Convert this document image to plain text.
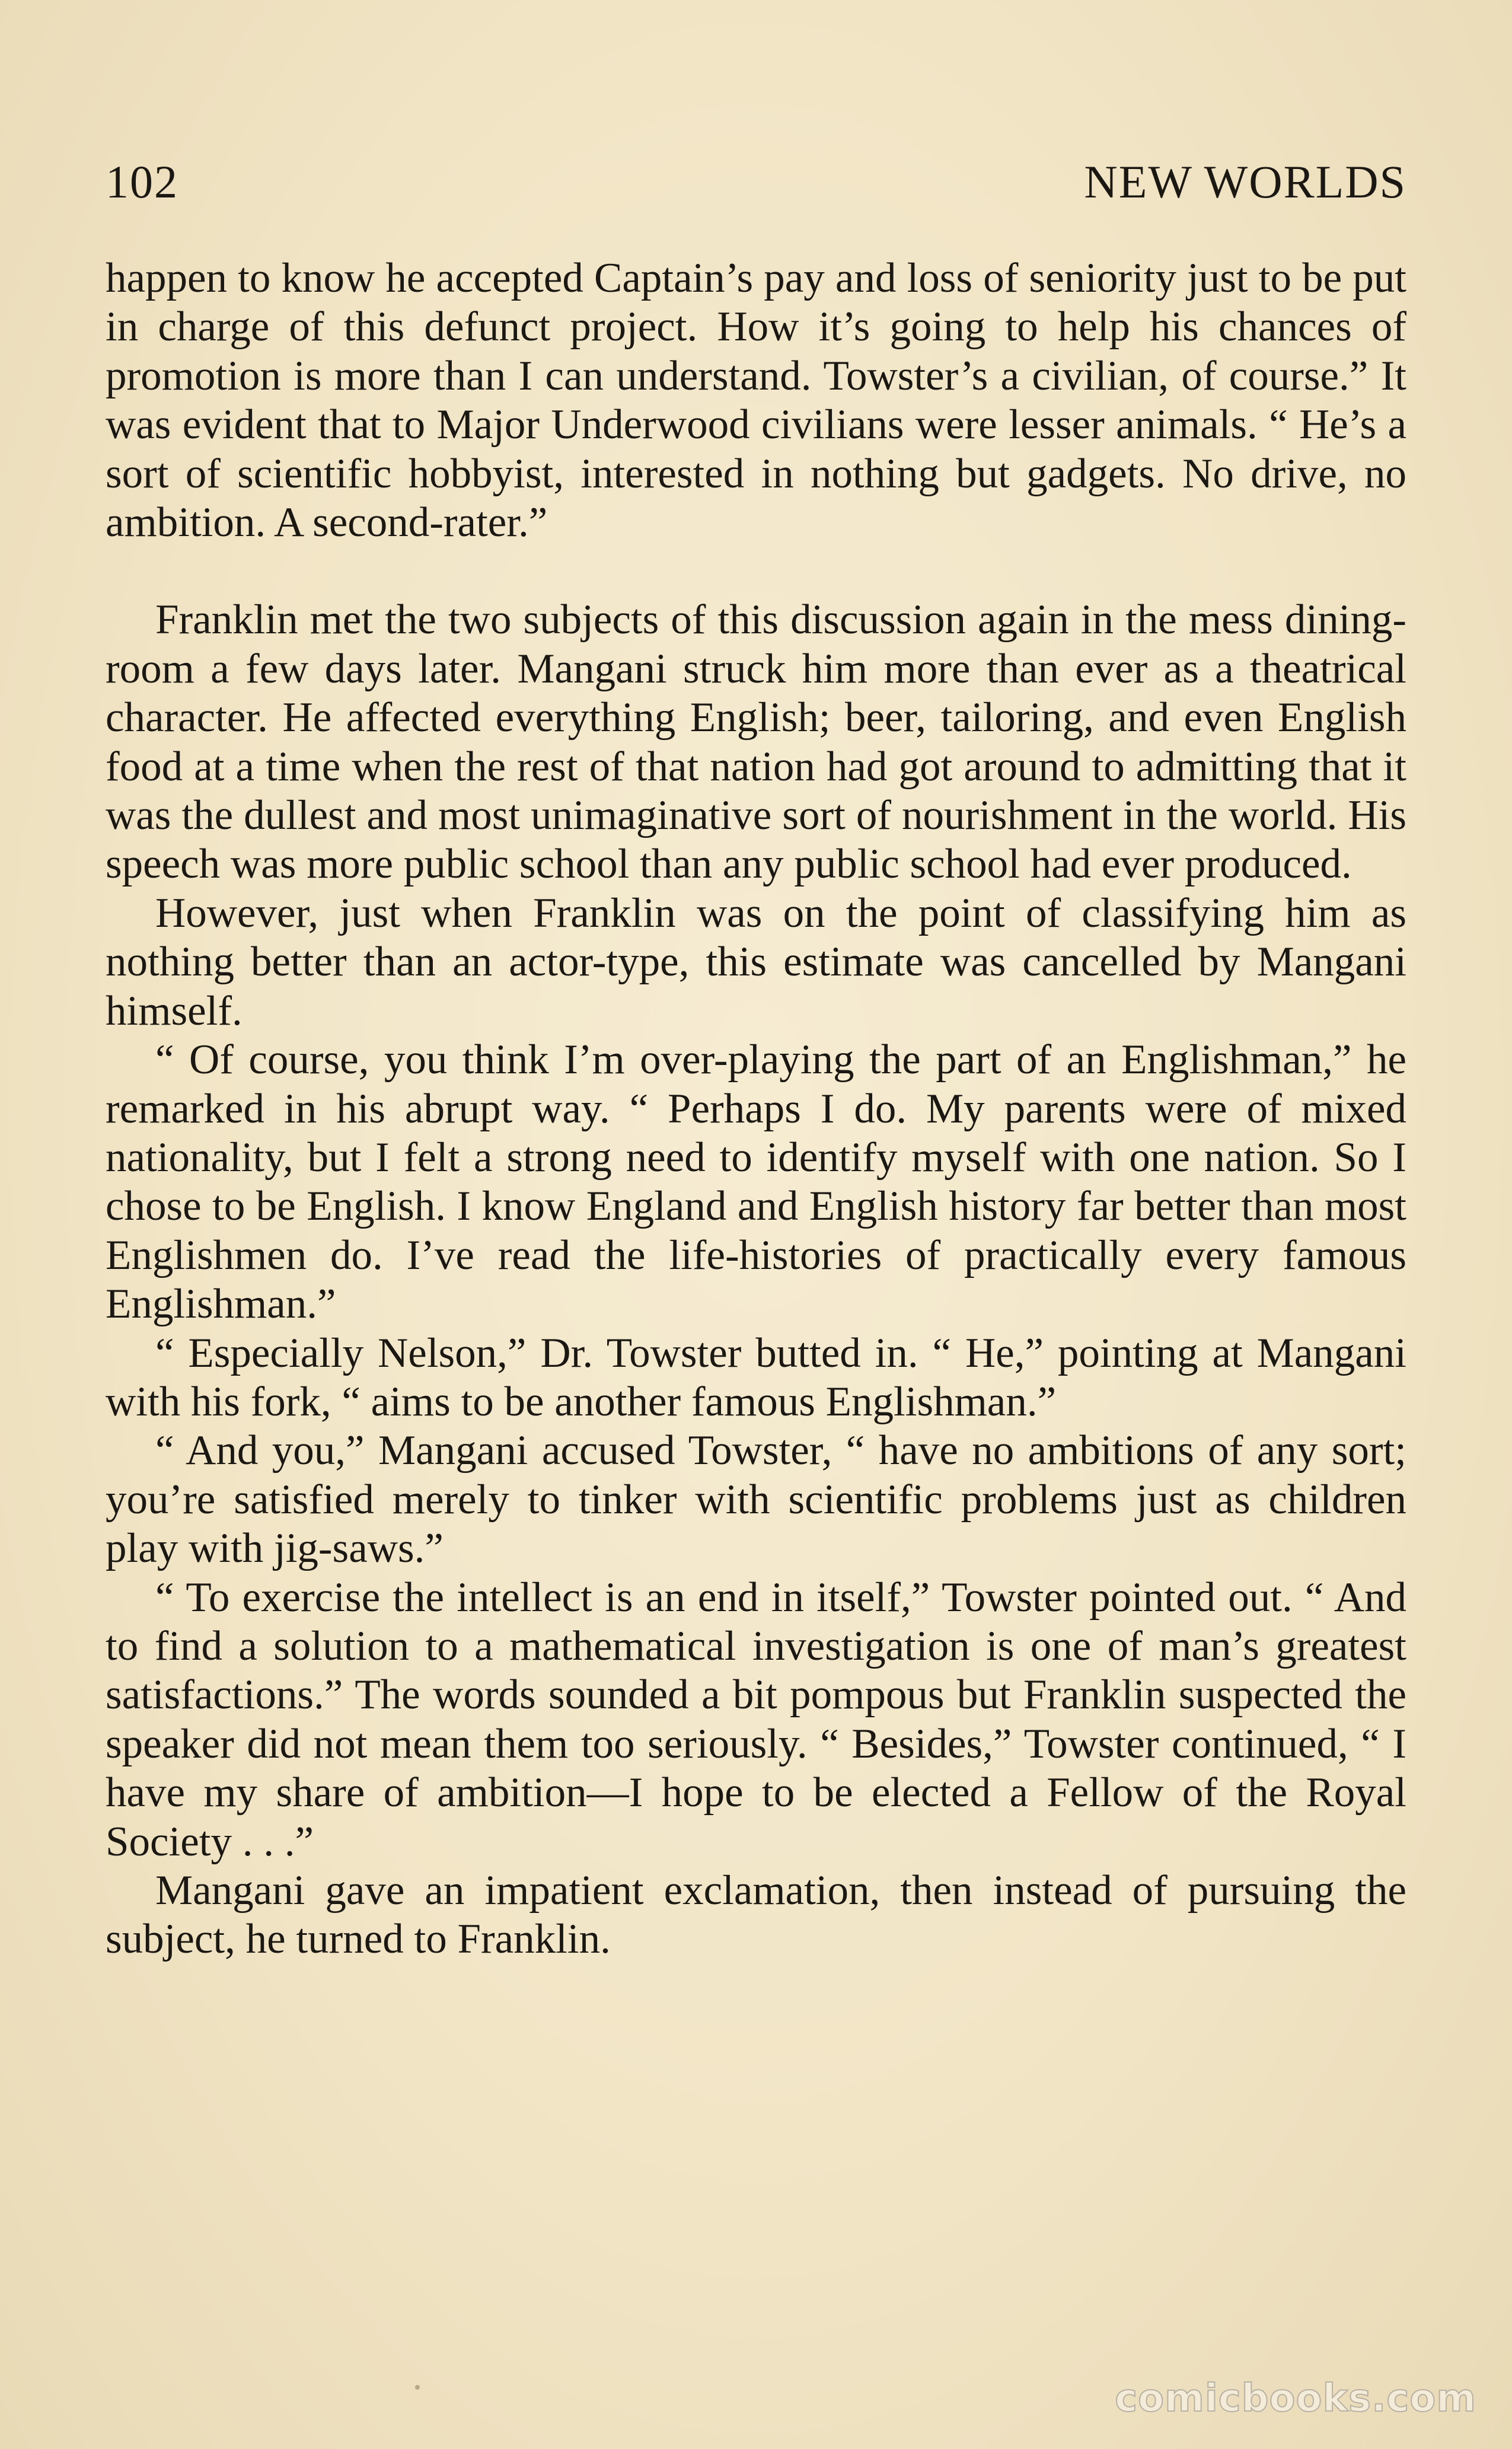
102	NEW WORLDS

happen to know he accepted Captain’s pay and loss of seniority just to be put in charge of this defunct project. How it’s going to help his chances of promotion is more than I can understand. Towster’s a civilian, of course.” It was evident that to Major Underwood civilians were lesser animals. “ He’s a sort of scientific hobbyist, interested in nothing but gadgets. No drive, no ambition. A second-rater.”

Franklin met the two subjects of this discussion again in the mess dining-room a few days later. Mangani struck him more than ever as a theatrical character. He affected everything English; beer, tailoring, and even English food at a time when the rest of that nation had got around to admitting that it was the dullest and most unimaginative sort of nourishment in the world. His speech was more public school than any public school had ever produced.

However, just when Franklin was on the point of classifying him as nothing better than an actor-type, this estimate was cancelled by Mangani himself.

“ Of course, you think I’m over-playing the part of an Englishman,” he remarked in his abrupt way. “ Perhaps I do. My parents were of mixed nationality, but I felt a strong need to identify myself with one nation. So I chose to be English. I know England and English history far better than most Englishmen do. I’ve read the life-histories of practically every famous Englishman.”

“ Especially Nelson,” Dr. Towster butted in. “ He,” pointing at Mangani with his fork, “ aims to be another famous Englishman.”

“ And you,” Mangani accused Towster, “ have no ambitions of any sort; you’re satisfied merely to tinker with scientific problems just as children play with jig-saws.”

“ To exercise the intellect is an end in itself,” Towster pointed out. “ And to find a solution to a mathematical investigation is one of man’s greatest satisfactions.” The words sounded a bit pompous but Franklin suspected the speaker did not mean them too seriously. “ Besides,” Towster continued, “ I have my share of ambition—I hope to be elected a Fellow of the Royal Society . . .”

Mangani gave an impatient exclamation, then instead of pursuing the subject, he turned to Franklin.

comicbooks.com
